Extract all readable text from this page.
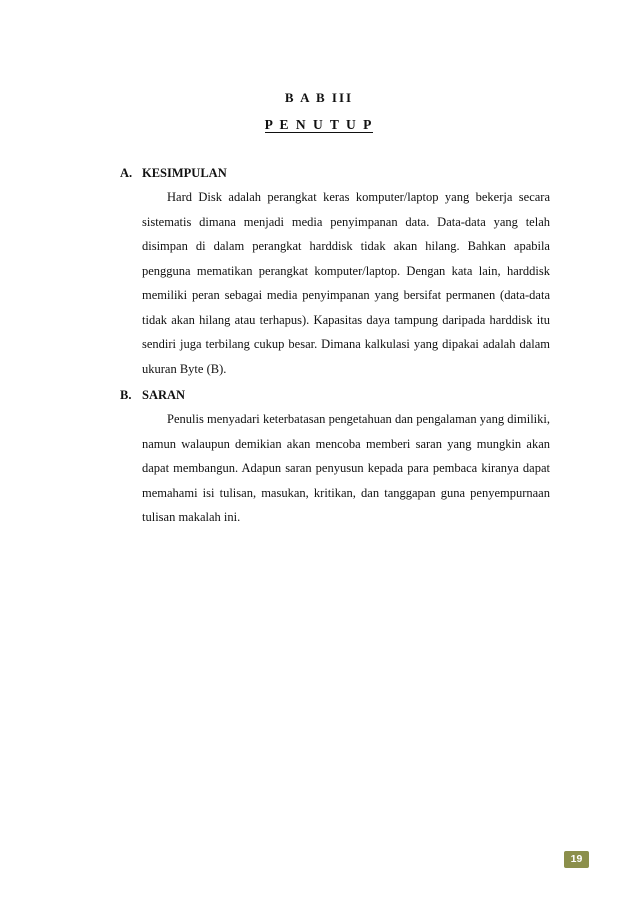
B A B III
P E N U T U P
A. KESIMPULAN

Hard Disk adalah perangkat keras komputer/laptop yang bekerja secara sistematis dimana menjadi media penyimpanan data. Data-data yang telah disimpan di dalam perangkat harddisk tidak akan hilang. Bahkan apabila pengguna mematikan perangkat komputer/laptop. Dengan kata lain, harddisk memiliki peran sebagai media penyimpanan yang bersifat permanen (data-data tidak akan hilang atau terhapus). Kapasitas daya tampung daripada harddisk itu sendiri juga terbilang cukup besar. Dimana kalkulasi yang dipakai adalah dalam ukuran Byte (B).

B. SARAN

Penulis menyadari keterbatasan pengetahuan dan pengalaman yang dimiliki, namun walaupun demikian akan mencoba memberi saran yang mungkin akan dapat membangun. Adapun saran penyusun kepada para pembaca kiranya dapat memahami isi tulisan, masukan, kritikan, dan tanggapan guna penyempurnaan tulisan makalah ini.

19
